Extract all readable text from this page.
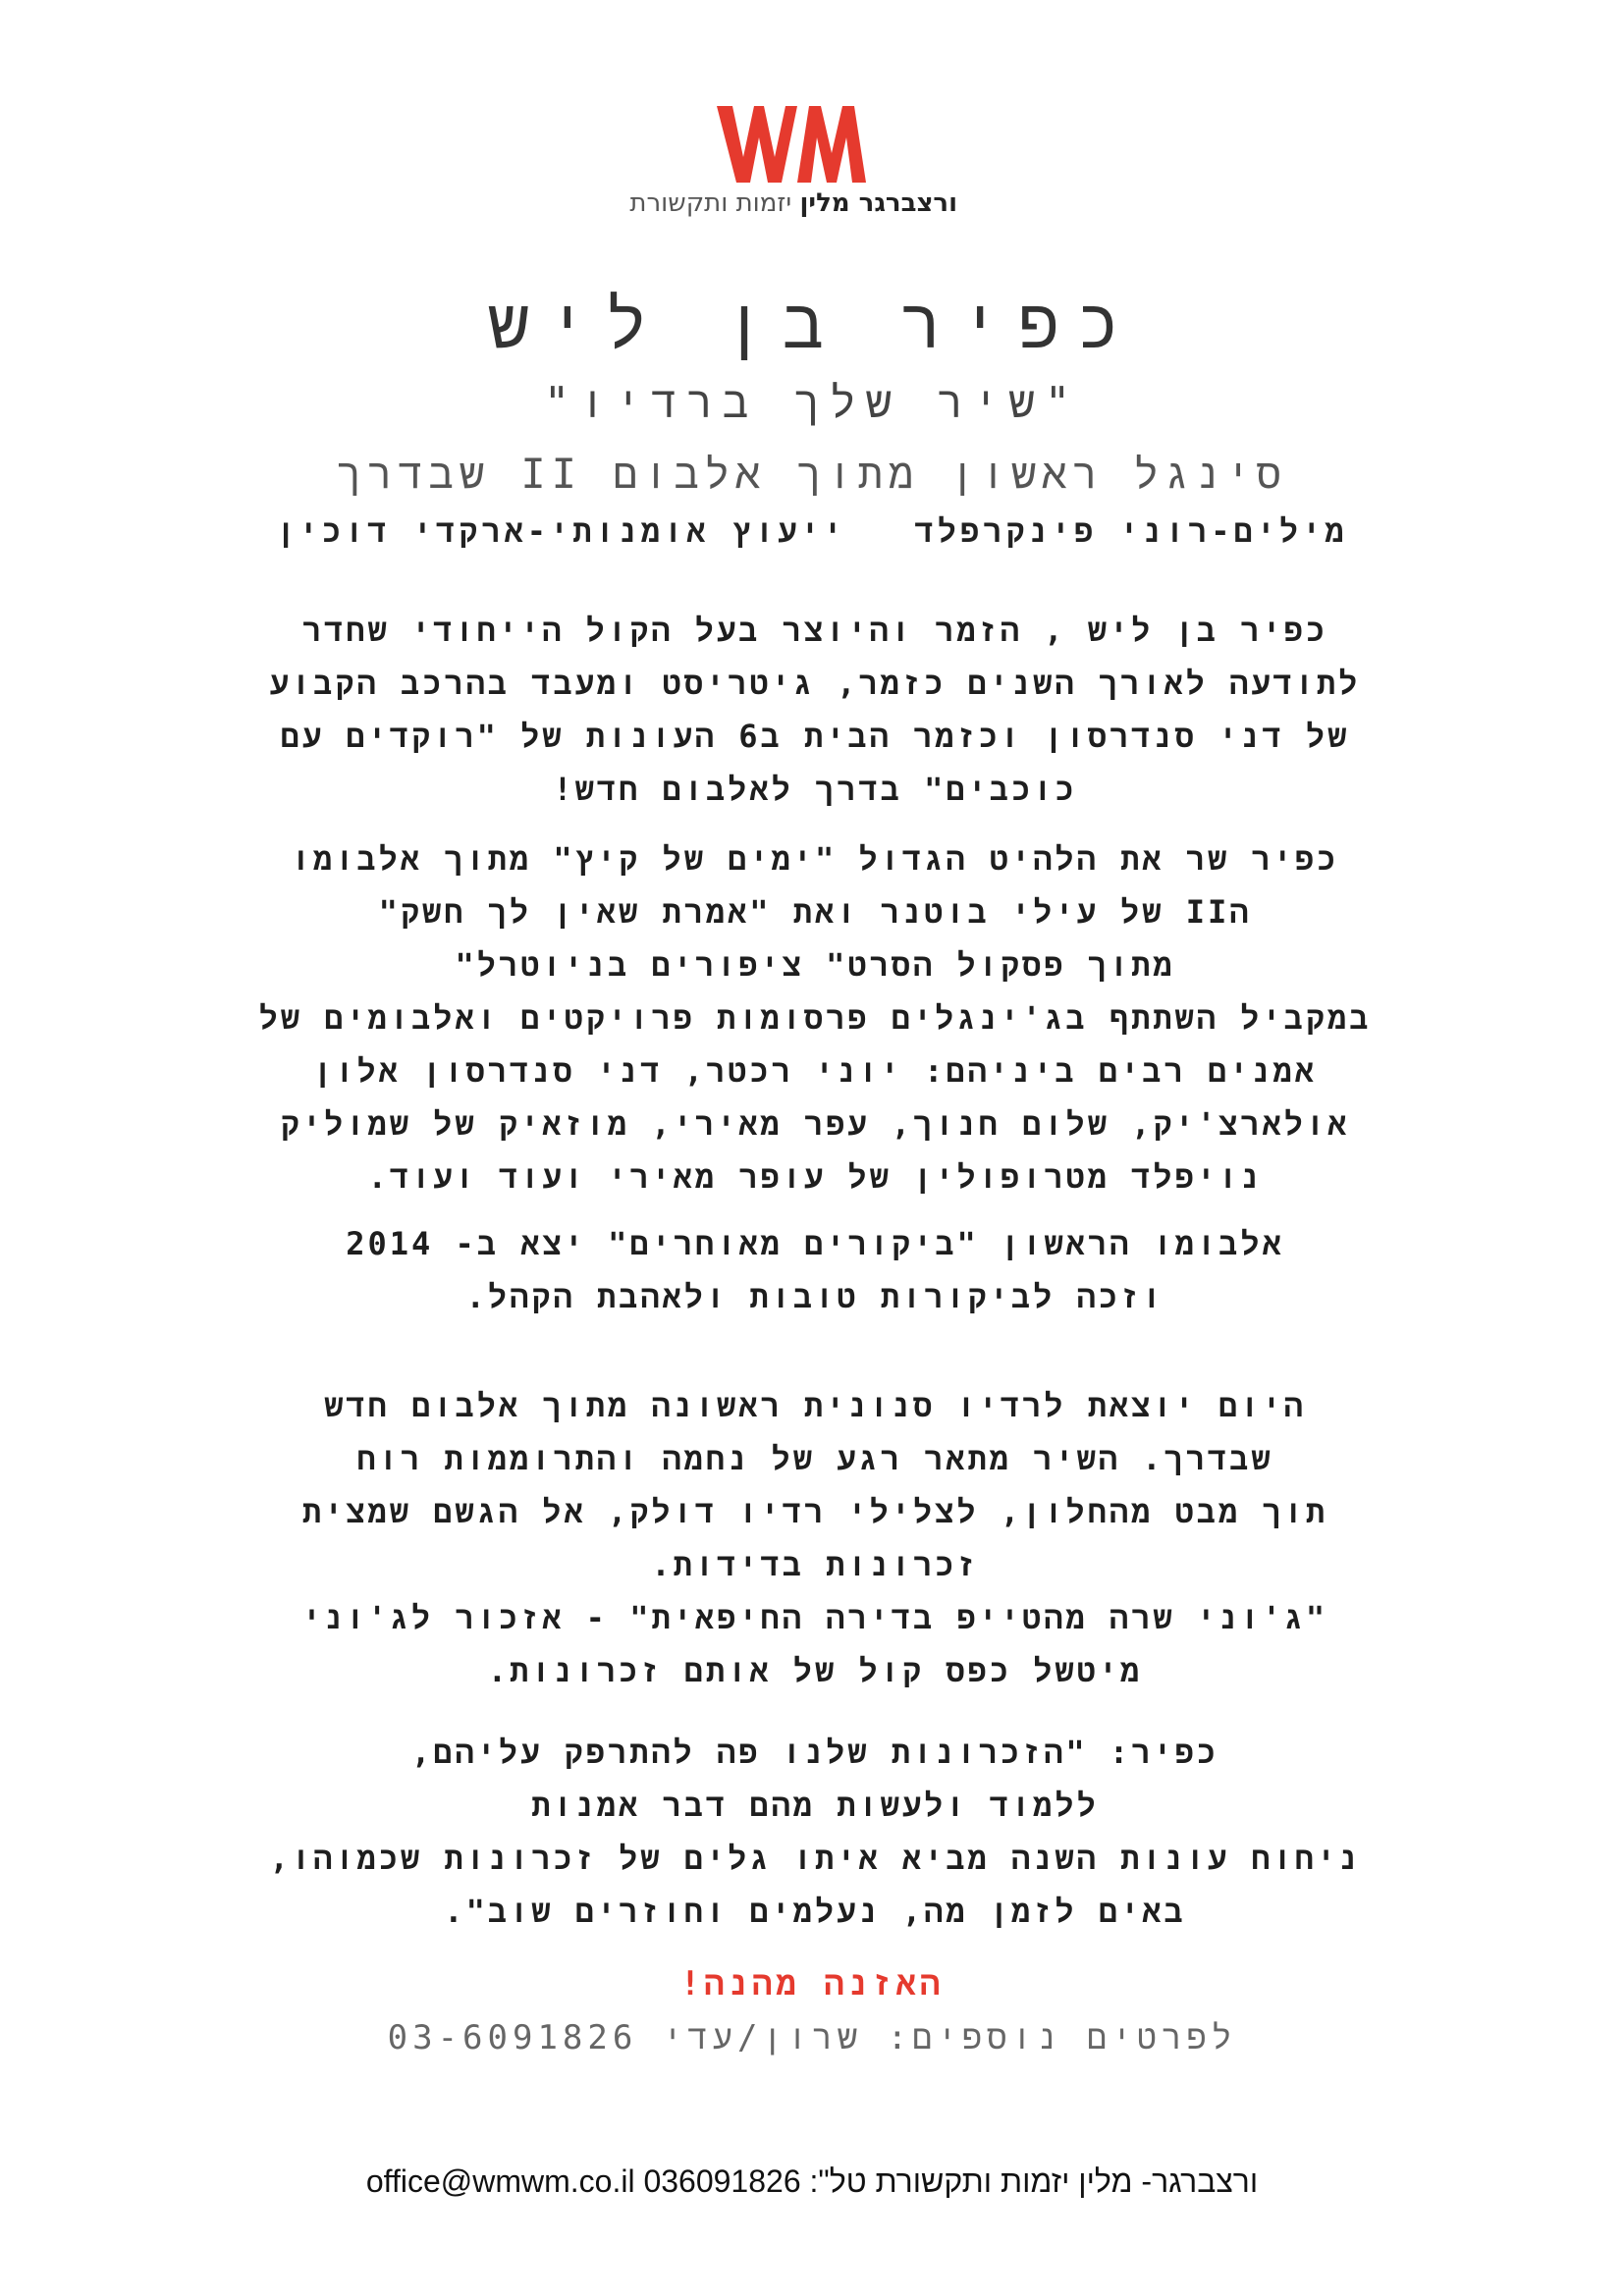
ורצברגר מלין יזמות ותקשורת
כפיר בן ליש
"שיר שלך ברדיו"
סינגל ראשון מתוך אלבום II שבדרך
מילים-רוני פינקרפלד   ייעוץ אומנותי-ארקדי דוכין
כפיר בן ליש , הזמר והיוצר בעל הקול הייחודי שחדר
לתודעה לאורך השנים כזמר, גיטריסט ומעבד בהרכב הקבוע
של דני סנדרסון וכזמר הבית ב6 העונות של "רוקדים עם
כוכבים" בדרך לאלבום חדש!
כפיר שר את הלהיט הגדול "ימים של קיץ" מתוך אלבומו
הII של עילי בוטנר ואת "אמרת שאין לך חשק"
מתוך פסקול הסרט" ציפורים בניוטרל"
במקביל השתתף בג'ינגלים פרסומות פרויקטים ואלבומים של
אמנים רבים ביניהם: יוני רכטר, דני סנדרסון אלון
אולארצ'יק, שלום חנוך, עפר מאירי, מוזאיק של שמוליק
נויפלד מטרופולין של עופר מאירי ועוד ועוד.
אלבומו הראשון "ביקורים מאוחרים" יצא ב- 2014
וזכה לביקורות טובות ולאהבת הקהל.
היום יוצאת לרדיו סנונית ראשונה מתוך אלבום חדש
שבדרך. השיר מתאר רגע של נחמה והתרוממות רוח
תוך מבט מהחלון, לצלילי רדיו דולק, אל הגשם שמצית
זכרונות בדידות.
"ג'וני שרה מהטייפ בדירה החיפאית" - אזכור לג'וני
מיטשל כפס קול של אותם זכרונות.
כפיר: "הזכרונות שלנו פה להתרפק עליהם,
ללמוד ולעשות מהם דבר אמנות
ניחוח עונות השנה מביא איתו גלים של זכרונות שכמוהו,
באים לזמן מה, נעלמים וחוזרים שוב".
האזנה מהנה!
לפרטים נוספים: שרון/עדי 03-6091826
ורצברגר- מלין יזמות ותקשורת טל": 036091826 office@wmwm.co.il
